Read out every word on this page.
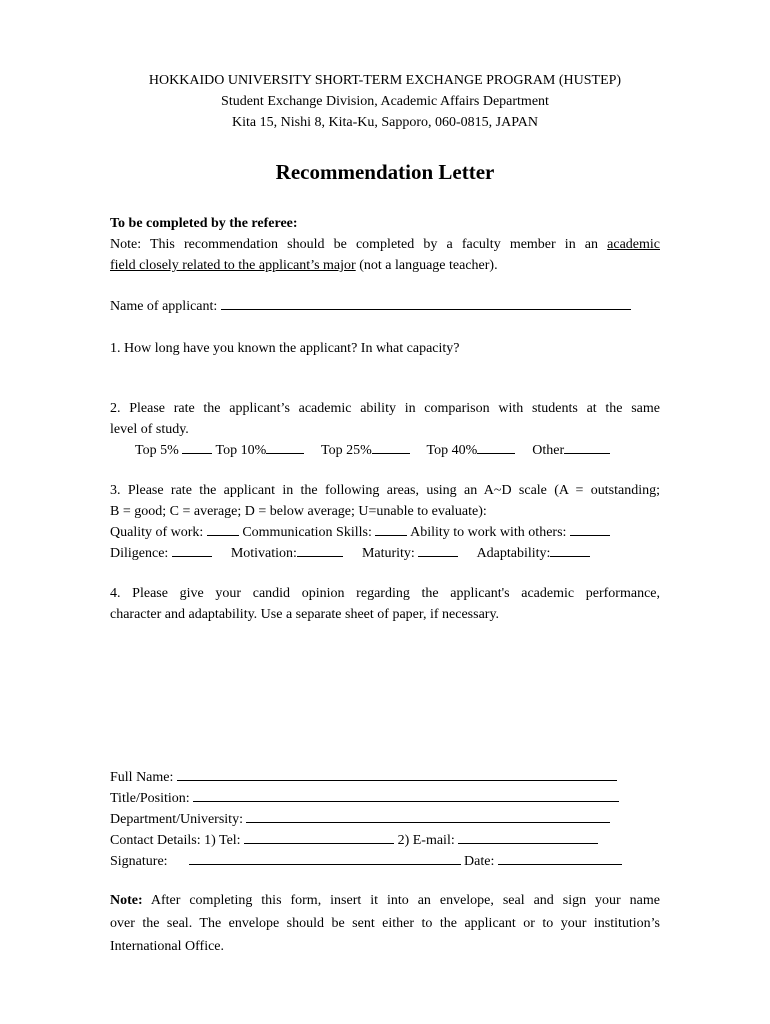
HOKKAIDO UNIVERSITY SHORT-TERM EXCHANGE PROGRAM (HUSTEP)
Student Exchange Division, Academic Affairs Department
Kita 15, Nishi 8, Kita-Ku, Sapporo, 060-0815, JAPAN
Recommendation Letter
To be completed by the referee:
Note: This recommendation should be completed by a faculty member in an academic
field closely related to the applicant’s major (not a language teacher).
Name of applicant:
1. How long have you known the applicant? In what capacity?
2. Please rate the applicant’s academic ability in comparison with students at the same
level of study.
Top 5%	Top 10%	Top 25%	Top 40%	Other
3. Please rate the applicant in the following areas, using an A~D scale (A = outstanding;
B = good; C = average; D = below average; U=unable to evaluate):
Quality of work:	Communication Skills:	Ability to work with others:
Diligence:	Motivation:	Maturity:	Adaptability:
4. Please give your candid opinion regarding the applicant's academic performance,
character and adaptability. Use a separate sheet of paper, if necessary.
Full Name:
Title/Position:
Department/University:
Contact Details: 1) Tel:	2) E-mail:
Signature:	Date:
Note: After completing this form, insert it into an envelope, seal and sign your name
over the seal. The envelope should be sent either to the applicant or to your institution’s
International Office.
